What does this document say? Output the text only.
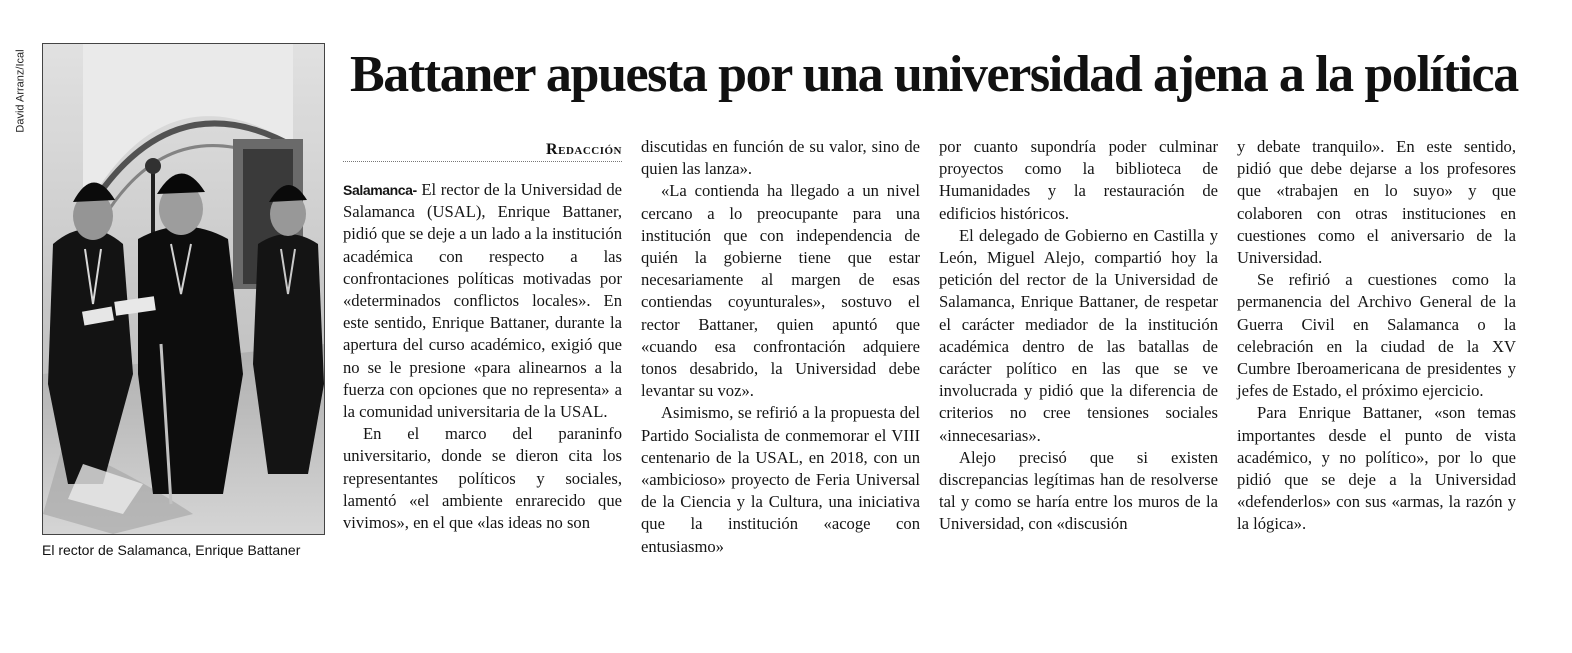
David Arranz/Ical
El rector de Salamanca, Enrique Battaner
Battaner apuesta por una universidad ajena a la política
Redacción

Salamanca- El rector de la Universidad de Salamanca (USAL), Enrique Battaner, pidió que se deje a un lado a la institución académica con respecto a las confrontaciones políticas motivadas por «determinados conflictos locales». En este sentido, Enrique Battaner, durante la apertura del curso académico, exigió que no se le presione «para alinearnos a la fuerza con opciones que no representa» a la comunidad universitaria de la USAL.

En el marco del paraninfo universitario, donde se dieron cita los representantes políticos y sociales, lamentó «el ambiente enrarecido que vivimos», en el que «las ideas no son

discutidas en función de su valor, sino de quien las lanza».

«La contienda ha llegado a un nivel cercano a lo preocupante para una institución que con independencia de quién la gobierne tiene que estar necesariamente al margen de esas contiendas coyunturales», sostuvo el rector Battaner, quien apuntó que «cuando esa confrontación adquiere tonos desabrido, la Universidad debe levantar su voz».

Asimismo, se refirió a la propuesta del Partido Socialista de conmemorar el VIII centenario de la USAL, en 2018, con un «ambicioso» proyecto de Feria Universal de la Ciencia y la Cultura, una iniciativa que la institución «acoge con entusiasmo»

por cuanto supondría poder culminar proyectos como la biblioteca de Humanidades y la restauración de edificios históricos.

El delegado de Gobierno en Castilla y León, Miguel Alejo, compartió hoy la petición del rector de la Universidad de Salamanca, Enrique Battaner, de respetar el carácter mediador de la institución académica dentro de las batallas de carácter político en las que se ve involucrada y pidió que la diferencia de criterios no cree tensiones sociales «innecesarias».

Alejo precisó que si existen discrepancias legítimas han de resolverse tal y como se haría entre los muros de la Universidad, con «discusión

y debate tranquilo». En este sentido, pidió que debe dejarse a los profesores que «trabajen en lo suyo» y que colaboren con otras instituciones en cuestiones como el aniversario de la Universidad.

Se refirió a cuestiones como la permanencia del Archivo General de la Guerra Civil en Salamanca o la celebración en la ciudad de la XV Cumbre Iberoamericana de presidentes y jefes de Estado, el próximo ejercicio.

Para Enrique Battaner, «son temas importantes desde el punto de vista académico, y no político», por lo que pidió que se deje a la Universidad «defenderlos» con sus «armas, la razón y la lógica».
